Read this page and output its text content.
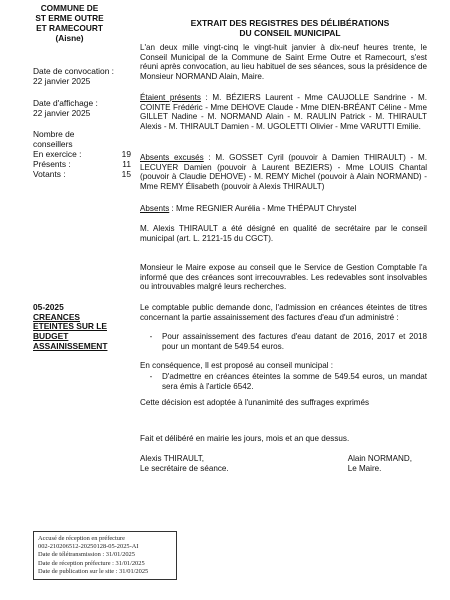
COMMUNE DE
ST ERME OUTRE
ET RAMECOURT
(Aisne)
EXTRAIT DES REGISTRES DES DÉLIBÉRATIONS
DU CONSEIL MUNICIPAL
Date de convocation :
22 janvier 2025
Date d'affichage :
22 janvier 2025
Nombre de
conseillers
En exercice :	19
Présents :	11
Votants :	15
05-2025
CREANCES
ETEINTES SUR LE
BUDGET
ASSAINISSEMENT
L'an deux mille vingt-cinq le vingt-huit janvier à dix-neuf heures trente, le Conseil Municipal de la Commune de Saint Erme Outre et Ramecourt, s'est réuni après convocation, au lieu habituel de ses séances, sous la présidence de Monsieur NORMAND Alain, Maire.
Étaient présents : M. BÉZIERS Laurent - Mme CAUJOLLE Sandrine - M. COINTE Frédéric - Mme DEHOVE Claude - Mme DIEN-BRÉANT Céline - Mme GILLET Nadine - M. NORMAND Alain - M. RAULIN Patrick - M. THIRAULT Alexis - M. THIRAULT Damien - M. UGOLETTI Olivier - Mme VARUTTI Emilie.
Absents excusés : M. GOSSET Cyril (pouvoir à Damien THIRAULT) - M. LECUYER Damien (pouvoir à Laurent BEZIERS) - Mme LOUIS Chantal (pouvoir à Claudie DEHOVE) - M. REMY Michel (pouvoir à Alain NORMAND) - Mme REMY Élisabeth (pouvoir à Alexis THIRAULT)
Absents : Mme REGNIER Aurélia - Mme THÉPAUT Chrystel
M. Alexis THIRAULT a été désigné en qualité de secrétaire par le conseil municipal (art. L. 2121-15 du CGCT).
Monsieur le Maire expose au conseil que le Service de Gestion Comptable l'a informé que des créances sont irrecouvrables. Les redevables sont insolvables ou introuvables malgré leurs recherches.
Le comptable public demande donc, l'admission en créances éteintes de titres concernant la partie assainissement des factures d'eau d'un administré :
-	Pour assainissement des factures d'eau datant de 2016, 2017 et 2018 pour un montant de 549.54 euros.
En conséquence, Il est proposé au conseil municipal :
-	D'admettre en créances éteintes la somme de 549.54 euros, un mandat sera émis à l'article 6542.
Cette décision est adoptée à l'unanimité des suffrages exprimés
Fait et délibéré en mairie les jours, mois et an que dessus.
Alexis THIRAULT,
Le secrétaire de séance.
Alain NORMAND,
Le Maire.
Accusé de réception en préfecture
002-210206512-20250128-05-2025-AI
Date de télétransmission : 31/01/2025
Date de réception préfecture : 31/01/2025
Date de publication sur le site : 31/01/2025
